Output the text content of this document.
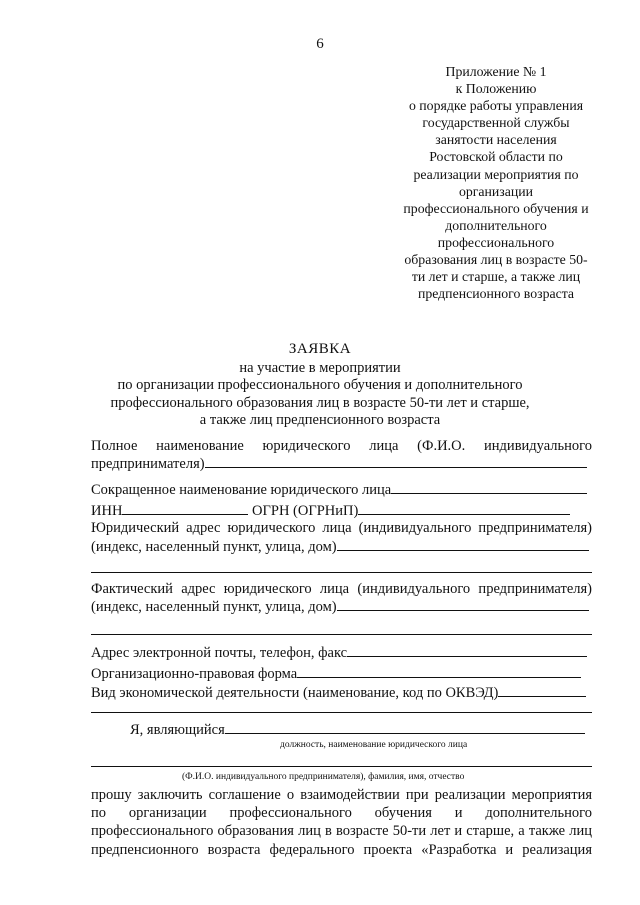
6
Приложение № 1
к Положению
о порядке работы управления
государственной службы
занятости населения
Ростовской области по
реализации мероприятия по
организации
профессионального обучения и
дополнительного
профессионального
образования лиц в возрасте 50-
ти лет и старше, а также лиц
предпенсионного возраста
ЗАЯВКА
на участие в мероприятии
по организации профессионального обучения и дополнительного
профессионального образования лиц в возрасте 50-ти лет и старше,
а также лиц предпенсионного возраста
Полное наименование юридического лица (Ф.И.О. индивидуального
предпринимателя)
Сокращенное наименование юридического лица
ИНН	ОГРН (ОГРНиП)
Юридический адрес юридического лица (индивидуального предпринимателя)
(индекс, населенный пункт, улица, дом)
Фактический адрес юридического лица (индивидуального предпринимателя)
(индекс, населенный пункт, улица, дом)
Адрес электронной почты, телефон, факс
Организационно-правовая форма
Вид экономической деятельности (наименование, код по ОКВЭД)
Я, являющийся
должность, наименование юридического лица
(Ф.И.О. индивидуального предпринимателя), фамилия, имя, отчество
прошу заключить соглашение о взаимодействии при реализации мероприятия
по организации профессионального обучения и дополнительного
профессионального образования лиц в возрасте 50-ти лет и старше, а также лиц
предпенсионного возраста федерального проекта «Разработка и реализация
